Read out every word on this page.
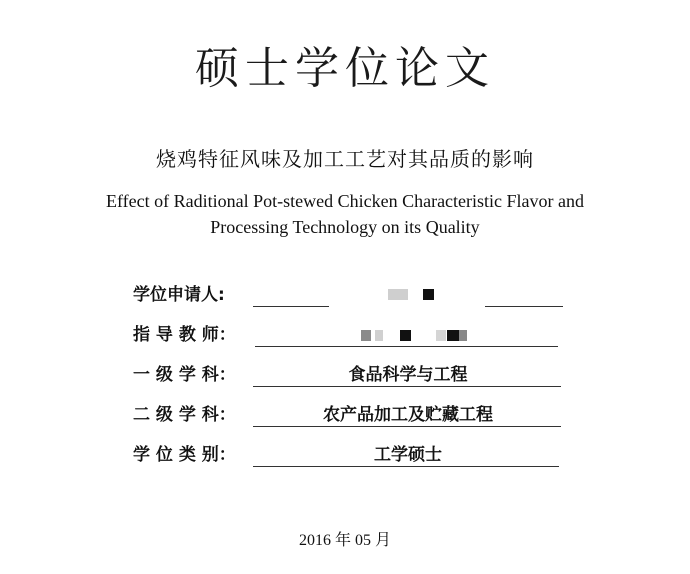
硕士学位论文
烧鸡特征风味及加工工艺对其品质的影响
Effect of Raditional Pot-stewed Chicken Characteristic Flavor and
Processing Technology on its Quality
学位申请人:
指 导 教 师：
一 级 学 科：	食品科学与工程
二 级 学 科：	农产品加工及贮藏工程
学 位 类 别：	工学硕士
2016 年 05 月
